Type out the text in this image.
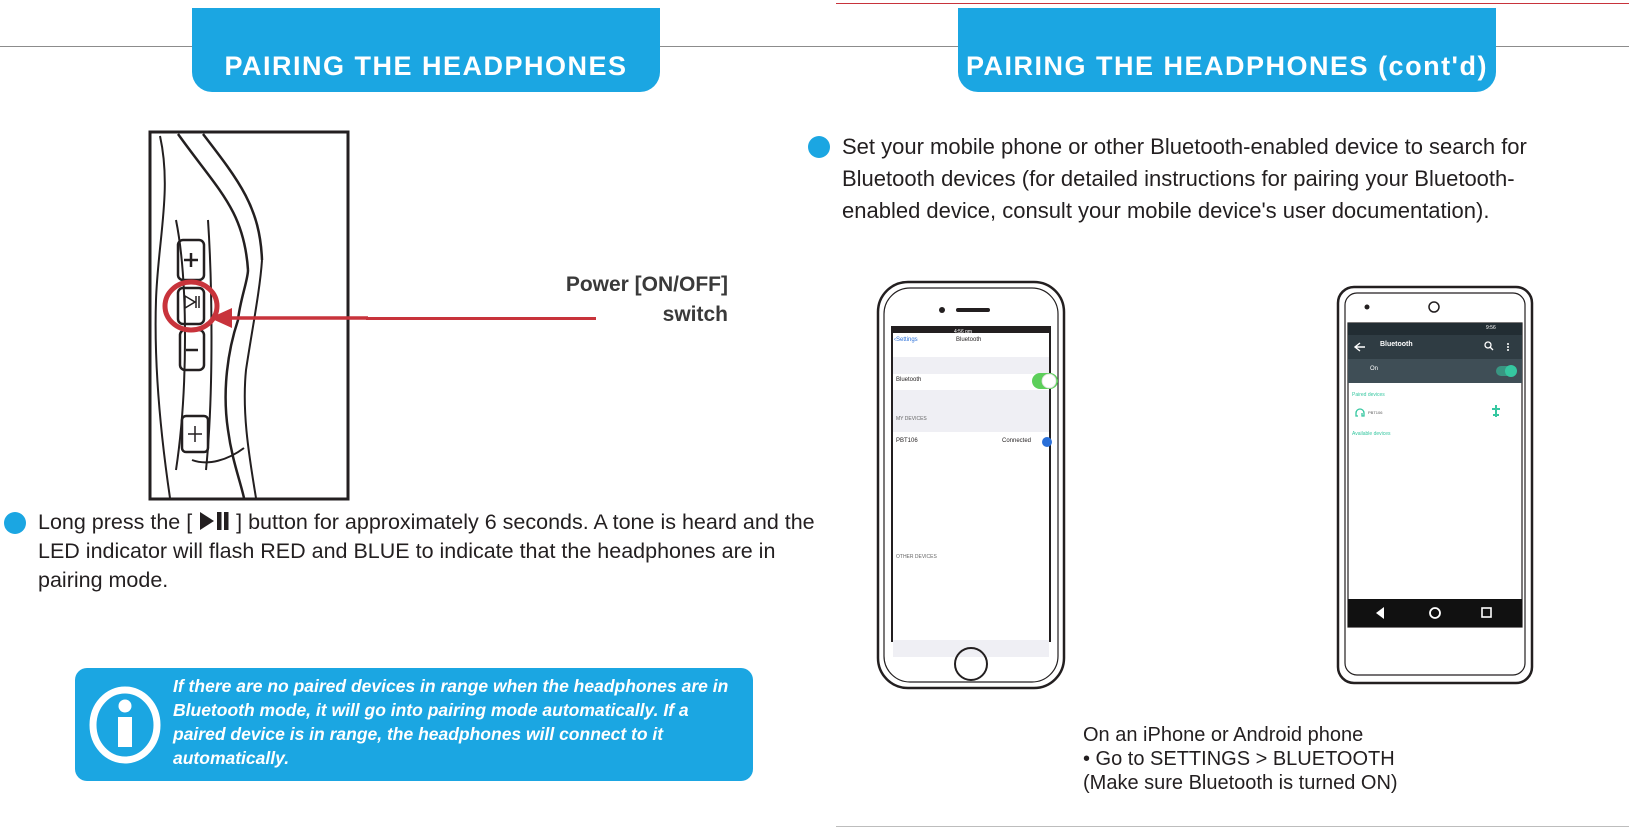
PAIRING THE HEADPHONES
Power [ON/OFF]
switch
Long press the [ ] button for approximately 6 seconds. A tone is heard and the LED indicator will flash RED and BLUE to indicate that the headphones are in pairing mode.
If there are no paired devices in range when the headphones are in Bluetooth mode, it will go into pairing mode automatically. If a paired device is in range, the headphones will connect to it automatically.
PAIRING THE HEADPHONES (cont'd)
Set your mobile phone or other Bluetooth-enabled device to search for Bluetooth devices (for detailed instructions for pairing your Bluetooth-enabled device, consult your mobile device's user documentation).
4:56 pm
‹Settings	Bluetooth
Bluetooth
MY DEVICES
PBT106	Connected
OTHER DEVICES
9:56
Bluetooth
On
Paired devices
PBT106
Available devices
On an iPhone or Android phone
• Go to SETTINGS > BLUETOOTH
(Make sure Bluetooth is turned ON)
